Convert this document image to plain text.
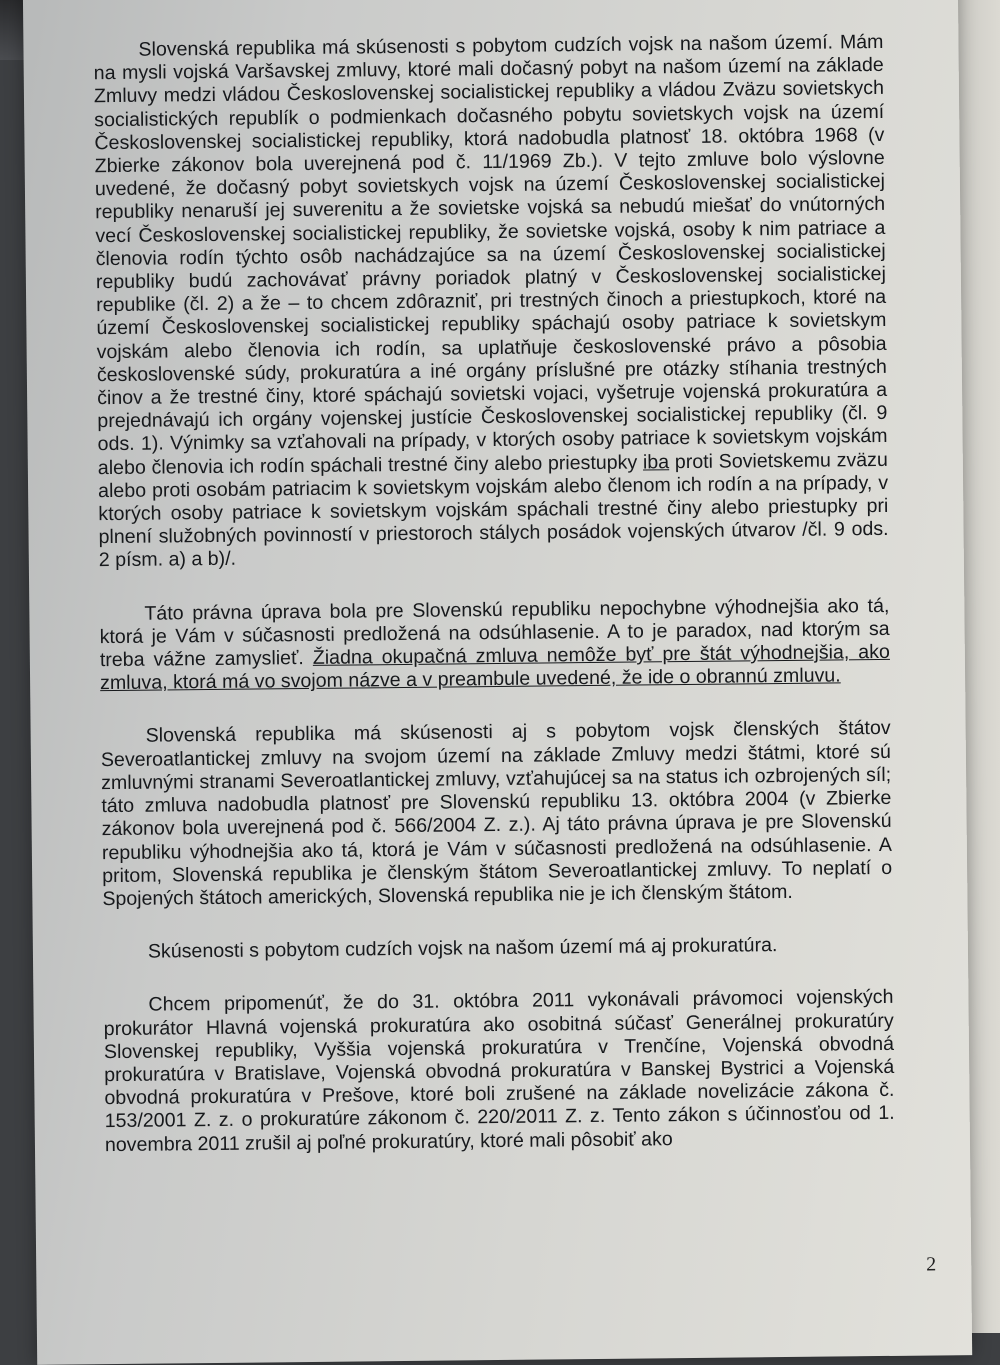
Slovenská republika má skúsenosti s pobytom cudzích vojsk na našom území. Mám na mysli vojská Varšavskej zmluvy, ktoré mali dočasný pobyt na našom území na základe Zmluvy medzi vládou Československej socialistickej republiky a vládou Zväzu sovietskych socialistických republík o podmienkach dočasného pobytu sovietskych vojsk na území Československej socialistickej republiky, ktorá nadobudla platnosť 18. októbra 1968 (v Zbierke zákonov bola uverejnená pod č. 11/1969 Zb.). V tejto zmluve bolo výslovne uvedené, že dočasný pobyt sovietskych vojsk na území Československej socialistickej republiky nenaruší jej suverenitu a že sovietske vojská sa nebudú miešať do vnútorných vecí Československej socialistickej republiky, že sovietske vojská, osoby k nim patriace a členovia rodín týchto osôb nachádzajúce sa na území Československej socialistickej republiky budú zachovávať právny poriadok platný v Československej socialistickej republike (čl. 2) a že – to chcem zdôrazniť, pri trestných činoch a priestupkoch, ktoré na území Československej socialistickej republiky spáchajú osoby patriace k sovietskym vojskám alebo členovia ich rodín, sa uplatňuje československé právo a pôsobia československé súdy, prokuratúra a iné orgány príslušné pre otázky stíhania trestných činov a že trestné činy, ktoré spáchajú sovietski vojaci, vyšetruje vojenská prokuratúra a prejednávajú ich orgány vojenskej justície Československej socialistickej republiky (čl. 9 ods. 1). Výnimky sa vzťahovali na prípady, v ktorých osoby patriace k sovietskym vojskám alebo členovia ich rodín spáchali trestné činy alebo priestupky iba proti Sovietskemu zväzu alebo proti osobám patriacim k sovietskym vojskám alebo členom ich rodín a na prípady, v ktorých osoby patriace k sovietskym vojskám spáchali trestné činy alebo priestupky pri plnení služobných povinností v priestoroch stálych posádok vojenských útvarov /čl. 9 ods. 2 písm. a) a b)/.

Táto právna úprava bola pre Slovenskú republiku nepochybne výhodnejšia ako tá, ktorá je Vám v súčasnosti predložená na odsúhlasenie. A to je paradox, nad ktorým sa treba vážne zamyslieť. Žiadna okupačná zmluva nemôže byť pre štát výhodnejšia, ako zmluva, ktorá má vo svojom názve a v preambule uvedené, že ide o obrannú zmluvu.

Slovenská republika má skúsenosti aj s pobytom vojsk členských štátov Severoatlantickej zmluvy na svojom území na základe Zmluvy medzi štátmi, ktoré sú zmluvnými stranami Severoatlantickej zmluvy, vzťahujúcej sa na status ich ozbrojených síl; táto zmluva nadobudla platnosť pre Slovenskú republiku 13. októbra 2004 (v Zbierke zákonov bola uverejnená pod č. 566/2004 Z. z.). Aj táto právna úprava je pre Slovenskú republiku výhodnejšia ako tá, ktorá je Vám v súčasnosti predložená na odsúhlasenie. A pritom, Slovenská republika je členským štátom Severoatlantickej zmluvy. To neplatí o Spojených štátoch amerických, Slovenská republika nie je ich členským štátom.

Skúsenosti s pobytom cudzích vojsk na našom území má aj prokuratúra.

Chcem pripomenúť, že do 31. októbra 2011 vykonávali právomoci vojenských prokurátor Hlavná vojenská prokuratúra ako osobitná súčasť Generálnej prokuratúry Slovenskej republiky, Vyššia vojenská prokuratúra v Trenčíne, Vojenská obvodná prokuratúra v Bratislave, Vojenská obvodná prokuratúra v Banskej Bystrici a Vojenská obvodná prokuratúra v Prešove, ktoré boli zrušené na základe novelizácie zákona č. 153/2001 Z. z. o prokuratúre zákonom č. 220/2011 Z. z. Tento zákon s účinnosťou od 1. novembra 2011 zrušil aj poľné prokuratúry, ktoré mali pôsobiť ako

2
